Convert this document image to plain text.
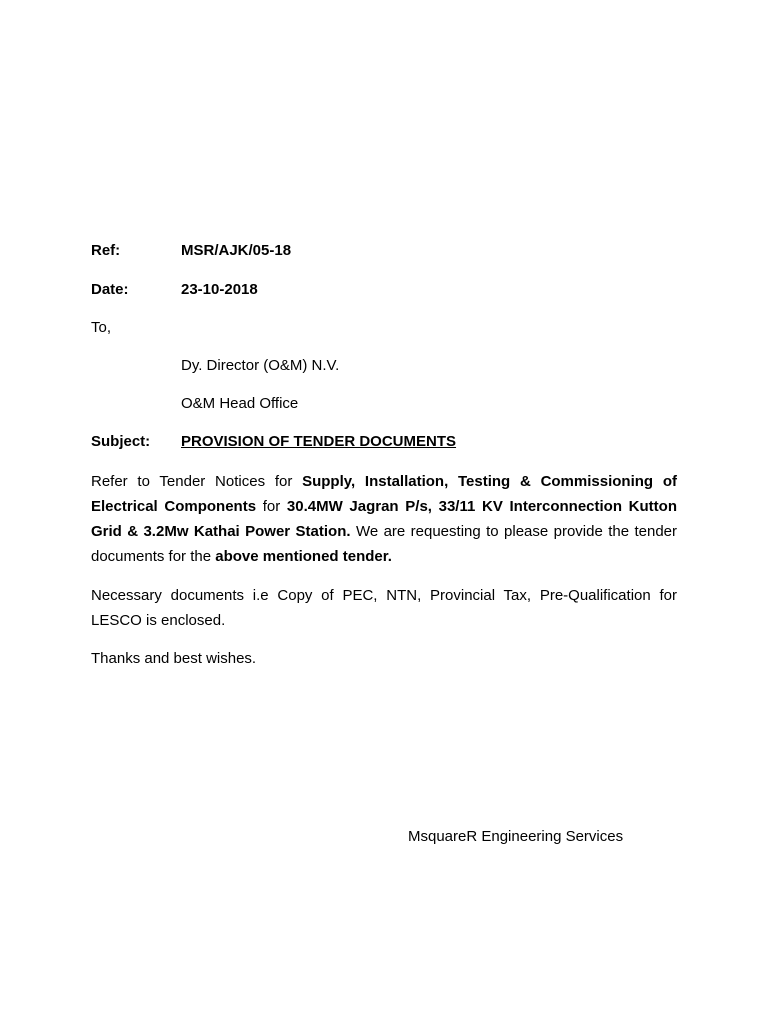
Ref:	MSR/AJK/05-18
Date:	23-10-2018
To,
Dy. Director (O&M) N.V.
O&M Head Office
Subject: PROVISION OF TENDER DOCUMENTS
Refer to Tender Notices for Supply, Installation, Testing & Commissioning of Electrical Components for 30.4MW Jagran P/s, 33/11 KV Interconnection Kutton Grid & 3.2Mw Kathai Power Station. We are requesting to please provide the tender documents for the above mentioned tender.
Necessary documents i.e Copy of PEC, NTN, Provincial Tax, Pre-Qualification for LESCO is enclosed.
Thanks and best wishes.
MsquareR Engineering Services
